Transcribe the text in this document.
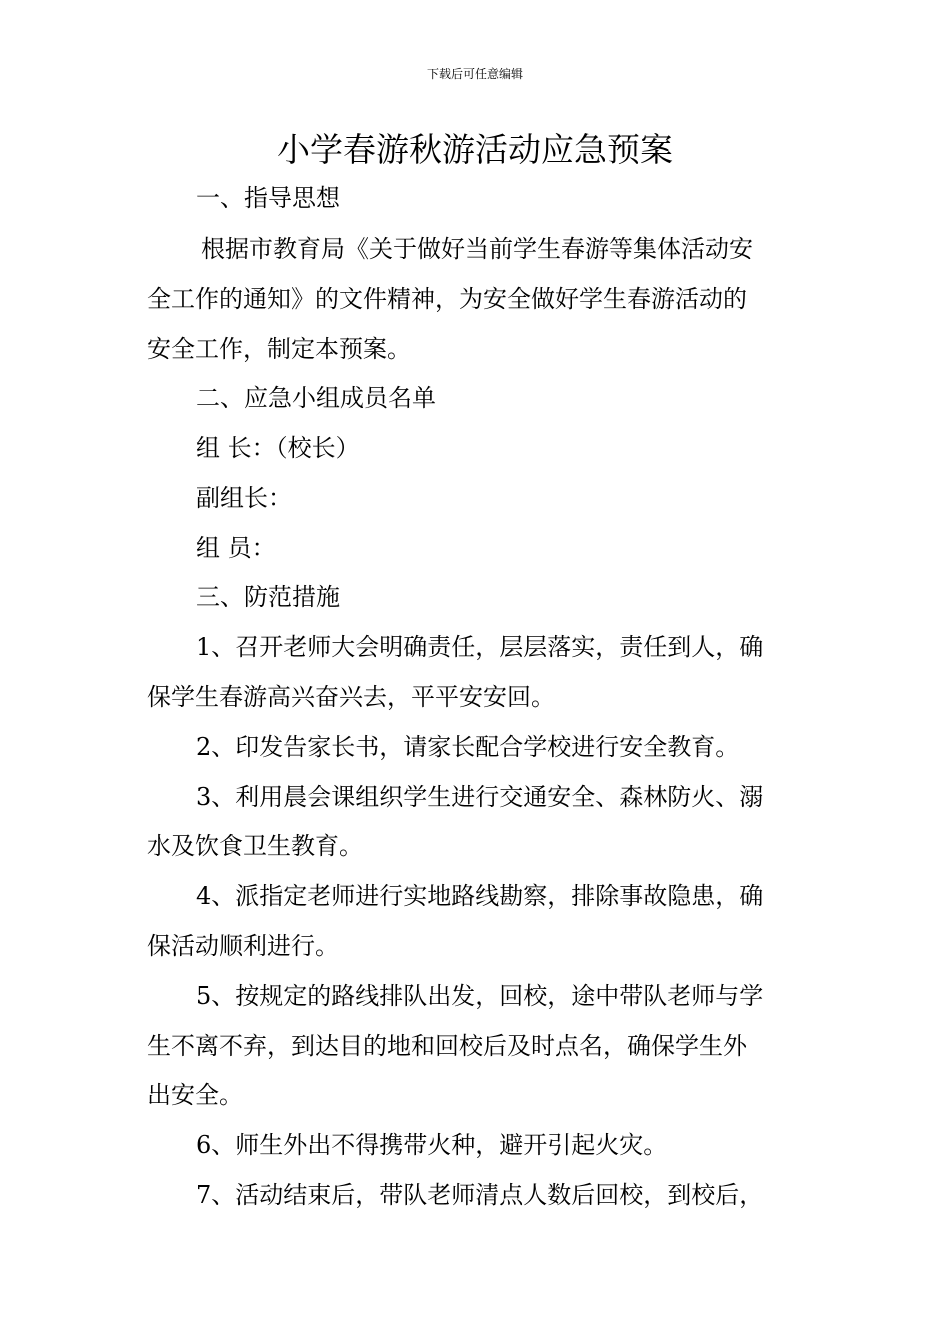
下载后可任意编辑
小学春游秋游活动应急预案
一、指导思想
根据市教育局《关于做好当前学生春游等集体活动安
全工作的通知》的文件精神，为安全做好学生春游活动的
安全工作，制定本预案。
二、应急小组成员名单
组 长：（校长）
副组长：
组 员：
三、防范措施
1、召开老师大会明确责任，层层落实，责任到人，确
保学生春游高兴奋兴去，平平安安回。
2、印发告家长书，请家长配合学校进行安全教育。
3、利用晨会课组织学生进行交通安全、森林防火、溺
水及饮食卫生教育。
4、派指定老师进行实地路线勘察，排除事故隐患，确
保活动顺利进行。
5、按规定的路线排队出发，回校，途中带队老师与学
生不离不弃，到达目的地和回校后及时点名，确保学生外
出安全。
6、师生外出不得携带火种，避开引起火灾。
7、活动结束后，带队老师清点人数后回校，到校后，
